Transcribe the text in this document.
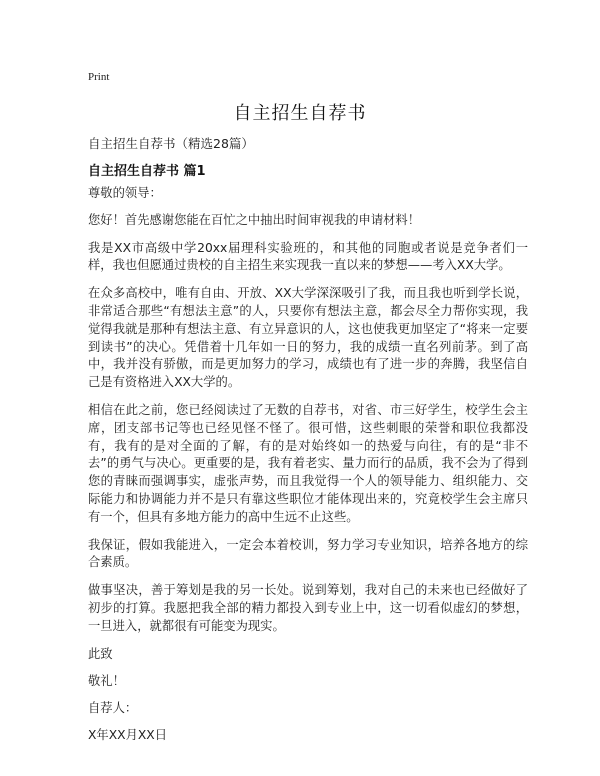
Print
自主招生自荐书
自主招生自荐书（精选28篇）
自主招生自荐书 篇1

尊敬的领导：

您好！首先感谢您能在百忙之中抽出时间审视我的申请材料！

我是XX市高级中学20xx届理科实验班的，和其他的同胞或者说是竞争者们一样，我也但愿通过贵校的自主招生来实现我一直以来的梦想——考入XX大学。

在众多高校中，唯有自由、开放、XX大学深深吸引了我，而且我也听到学长说，非常适合那些“有想法主意”的人，只要你有想法主意，都会尽全力帮你实现，我觉得我就是那种有想法主意、有立异意识的人，这也使我更加坚定了“将来一定要到读书”的决心。凭借着十几年如一日的努力，我的成绩一直名列前茅。到了高中，我并没有骄傲，而是更加努力的学习，成绩也有了进一步的奔腾，我坚信自己是有资格进入XX大学的。

相信在此之前，您已经阅读过了无数的自荐书，对省、市三好学生，校学生会主席，团支部书记等也已经见怪不怪了。很可惜，这些刺眼的荣誉和职位我都没有，我有的是对全面的了解，有的是对始终如一的热爱与向往，有的是“非不去”的勇气与决心。更重要的是，我有着老实、量力而行的品质，我不会为了得到您的青睐而强调事实，虚张声势，而且我觉得一个人的领导能力、组织能力、交际能力和协调能力并不是只有靠这些职位才能体现出来的，究竟校学生会主席只有一个，但具有多地方能力的高中生远不止这些。

我保证，假如我能进入，一定会本着校训，努力学习专业知识，培养各地方的综合素质。

做事坚决，善于筹划是我的另一长处。说到筹划，我对自己的未来也已经做好了初步的打算。我愿把我全部的精力都投入到专业上中，这一切看似虚幻的梦想，一旦进入，就都很有可能变为现实。

此致

敬礼！

自荐人：

X年XX月XX日
